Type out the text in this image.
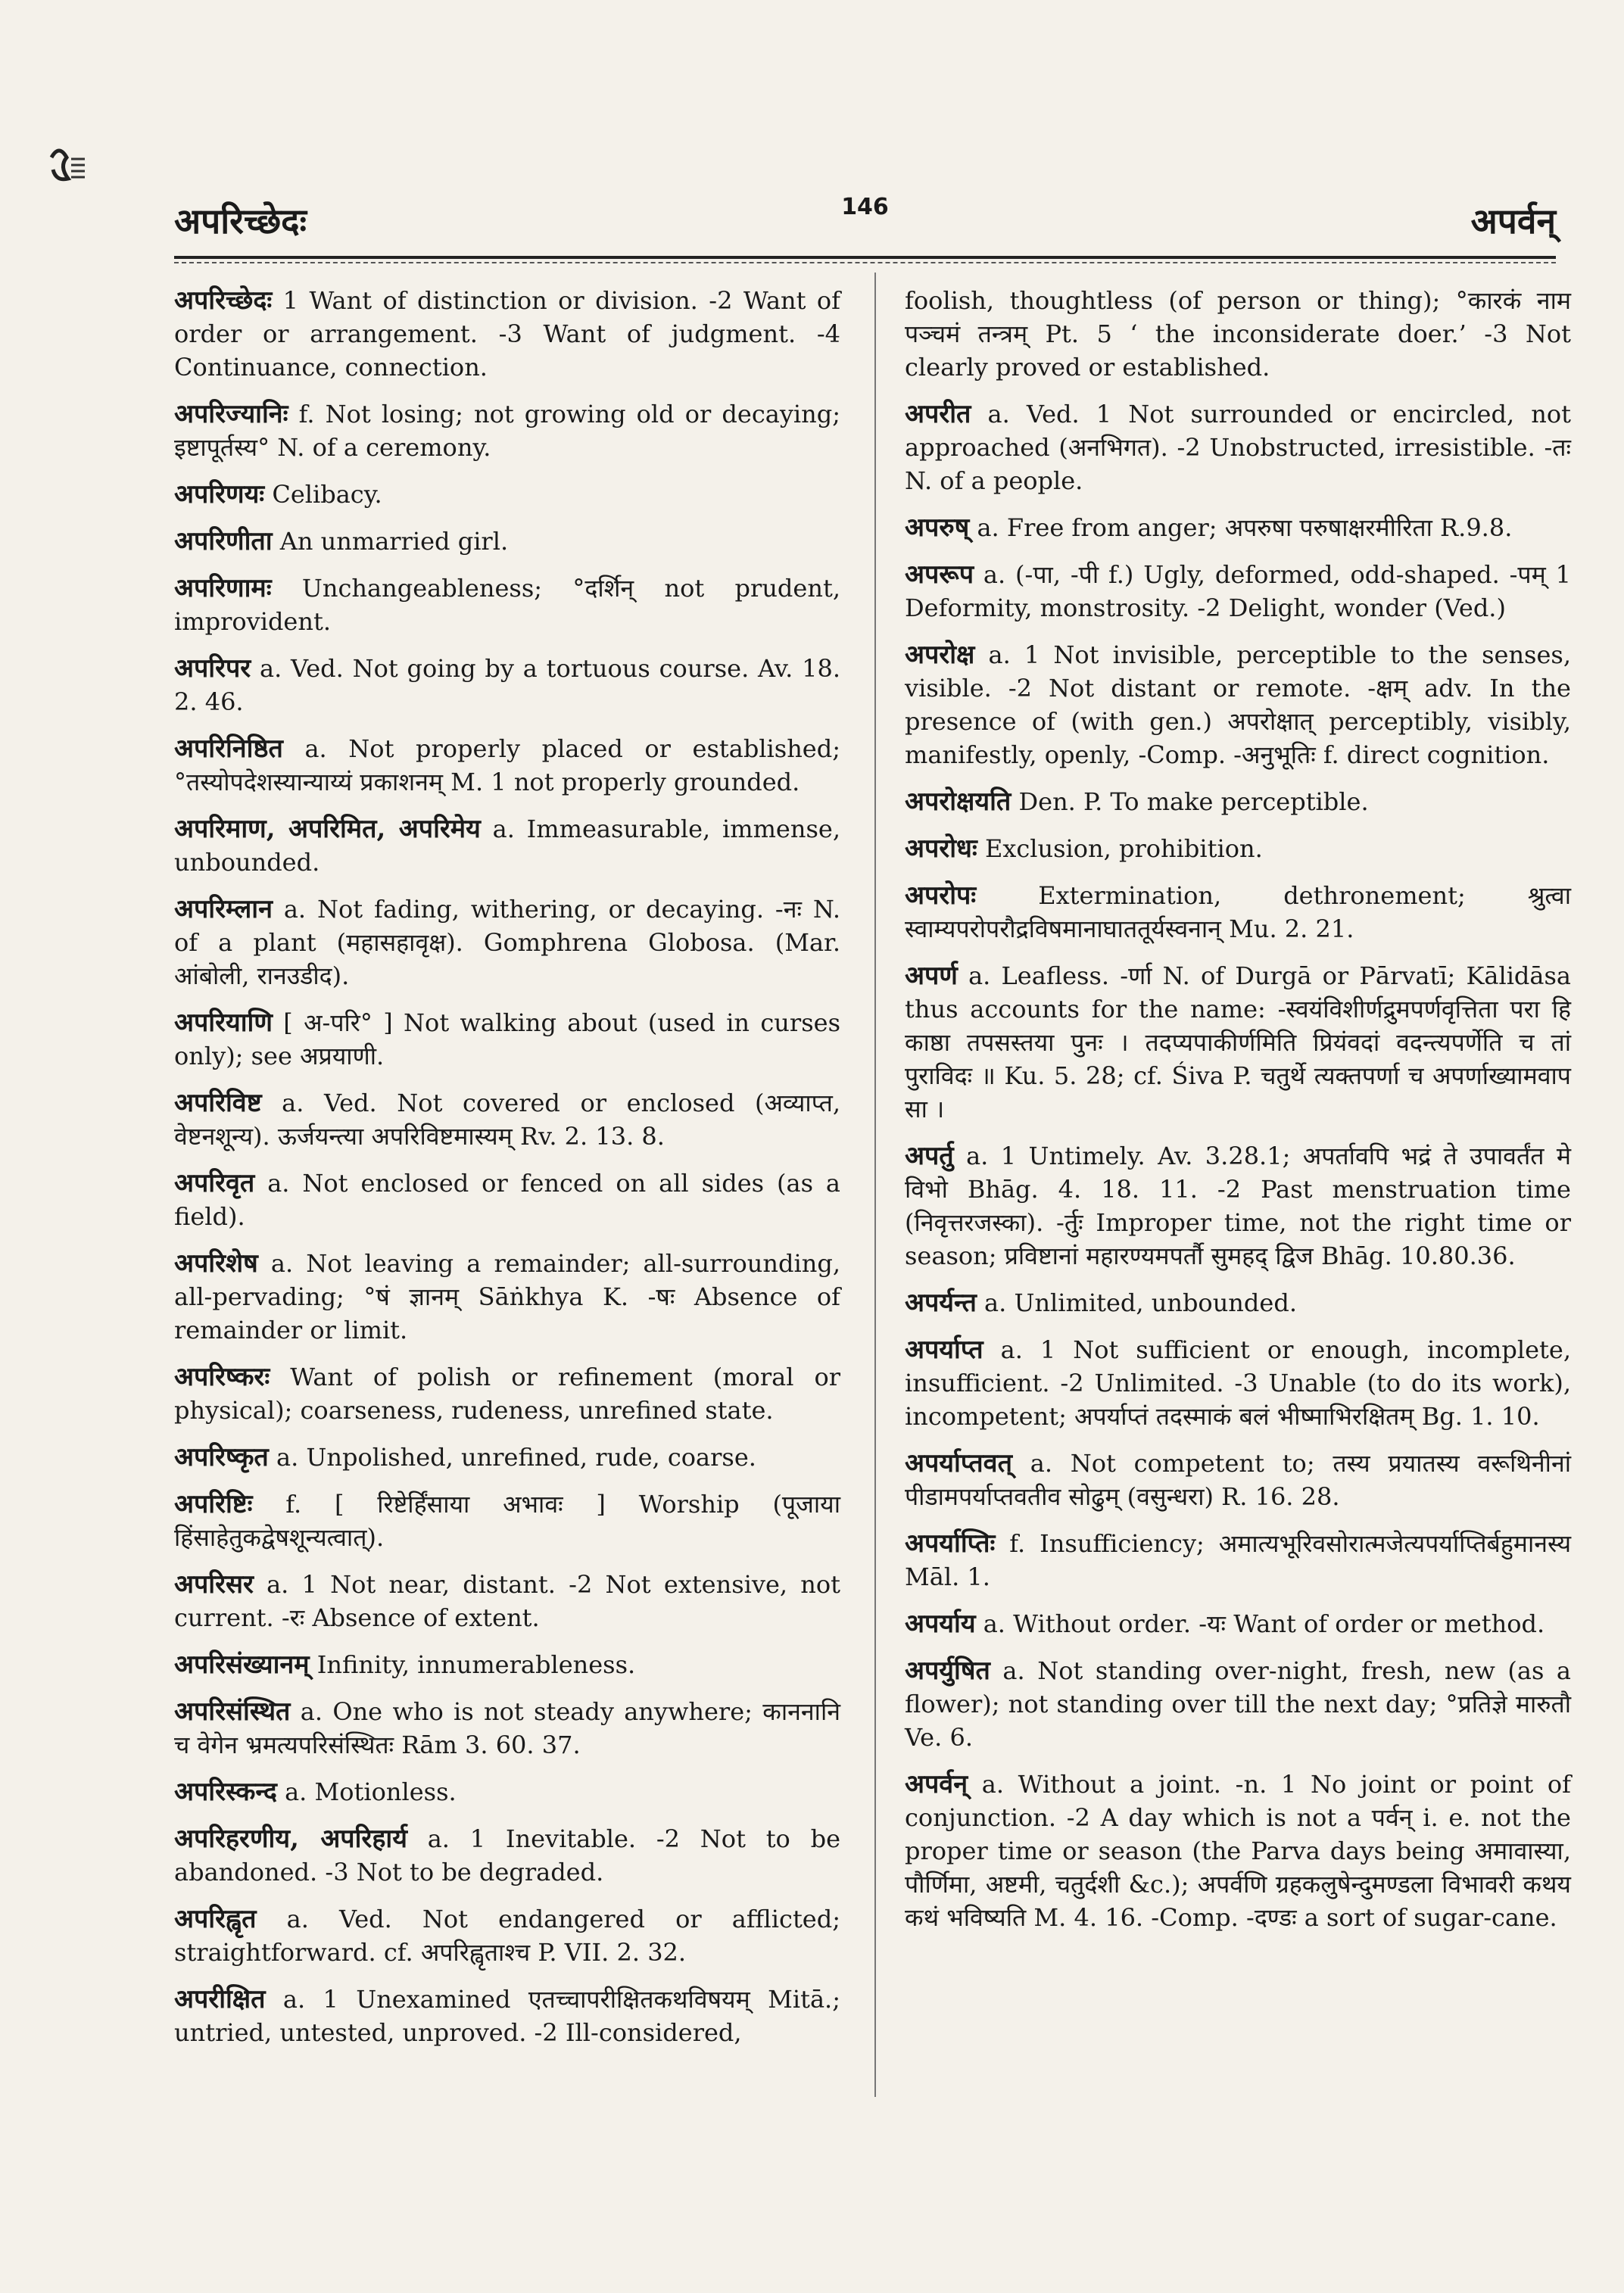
अपरिच्छेदः	146	अपर्वन्

अपरिच्छेदः 1 Want of distinction or division. -2 Want of order or arrangement. -3 Want of judgment. -4 Continuance, connection.

अपरिज्यानिः f. Not losing; not growing old or decaying; इष्टापूर्तस्य° N. of a ceremony.

अपरिणयः Celibacy.

अपरिणीता An unmarried girl.

अपरिणामः Unchangeableness; °दर्शिन् not prudent, improvident.

अपरिपर a. Ved. Not going by a tortuous course. Av. 18. 2. 46.

अपरिनिष्ठित a. Not properly placed or established; °तस्योपदेशस्यान्याय्यं प्रकाशनम् M. 1 not properly grounded.

अपरिमाण, अपरिमित, अपरिमेय a. Immeasurable, immense, unbounded.

अपरिम्लान a. Not fading, withering, or decaying. -नः N. of a plant (महासहावृक्ष). Gomphrena Globosa. (Mar. आंबोली, रानउडीद).

अपरियाणि [ अ-परि° ] Not walking about (used in curses only); see अप्रयाणी.

अपरिविष्ट a. Ved. Not covered or enclosed (अव्याप्त, वेष्टनशून्य). ऊर्जयन्त्या अपरिविष्टमास्यम् Rv. 2. 13. 8.

अपरिवृत a. Not enclosed or fenced on all sides (as a field).

अपरिशेष a. Not leaving a remainder; all-surrounding, all-pervading; °षं ज्ञानम् Sāṅkhya K. -षः Absence of remainder or limit.

अपरिष्करः Want of polish or refinement (moral or physical); coarseness, rudeness, unrefined state.

अपरिष्कृत a. Unpolished, unrefined, rude, coarse.

अपरिष्टिः f. [ रिष्टेर्हिंसाया अभावः ] Worship (पूजाया हिंसाहेतुकद्वेषशून्यत्वात्).

अपरिसर a. 1 Not near, distant. -2 Not extensive, not current. -रः Absence of extent.

अपरिसंख्यानम् Infinity, innumerableness.

अपरिसंस्थित a. One who is not steady anywhere; काननानि च वेगेन भ्रमत्यपरिसंस्थितः Rām 3. 60. 37.

अपरिस्कन्द a. Motionless.

अपरिहरणीय, अपरिहार्य a. 1 Inevitable. -2 Not to be abandoned. -3 Not to be degraded.

अपरिह्वृत a. Ved. Not endangered or afflicted; straightforward. cf. अपरिह्वृताश्च P. VII. 2. 32.

अपरीक्षित a. 1 Unexamined एतच्चापरीक्षितकथविषयम् Mitā.; untried, untested, unproved. -2 Ill-considered,

foolish, thoughtless (of person or thing); °कारकं नाम पञ्चमं तन्त्रम् Pt. 5 ‘ the inconsiderate doer.’ -3 Not clearly proved or established.

अपरीत a. Ved. 1 Not surrounded or encircled, not approached (अनभिगत). -2 Unobstructed, irresistible. -तः N. of a people.

अपरुष् a. Free from anger; अपरुषा परुषाक्षरमीरिता R.9.8.

अपरूप a. (-पा, -पी f.) Ugly, deformed, odd-shaped. -पम् 1 Deformity, monstrosity. -2 Delight, wonder (Ved.)

अपरोक्ष a. 1 Not invisible, perceptible to the senses, visible. -2 Not distant or remote. -क्षम् adv. In the presence of (with gen.) अपरोक्षात् perceptibly, visibly, manifestly, openly, -Comp. -अनुभूतिः f. direct cognition.

अपरोक्षयति Den. P. To make perceptible.

अपरोधः Exclusion, prohibition.

अपरोपः Extermination, dethronement; श्रुत्वा स्वाम्यपरोपरौद्रविषमानाघाततूर्यस्वनान् Mu. 2. 21.

अपर्ण a. Leafless. -र्णा N. of Durgā or Pārvatī; Kālidāsa thus accounts for the name: -स्वयंविशीर्णद्रुमपर्णवृत्तिता परा हि काष्ठा तपसस्तया पुनः । तदप्यपाकीर्णमिति प्रियंवदां वदन्त्यपर्णेति च तां पुराविदः ॥ Ku. 5. 28; cf. Śiva P. चतुर्थे त्यक्तपर्णा च अपर्णाख्यामवाप सा ।

अपर्तु a. 1 Untimely. Av. 3.28.1; अपर्तावपि भद्रं ते उपावर्तंत मे विभो Bhāg. 4. 18. 11. -2 Past menstruation time (निवृत्तरजस्का). -र्तुः Improper time, not the right time or season; प्रविष्टानां महारण्यमपर्तौ सुमहद् द्विज Bhāg. 10.80.36.

अपर्यन्त a. Unlimited, unbounded.

अपर्याप्त a. 1 Not sufficient or enough, incomplete, insufficient. -2 Unlimited. -3 Unable (to do its work), incompetent; अपर्याप्तं तदस्माकं बलं भीष्माभिरक्षितम् Bg. 1. 10.

अपर्याप्तवत् a. Not competent to; तस्य प्रयातस्य वरूथिनीनां पीडामपर्याप्तवतीव सोढुम् (वसुन्धरा) R. 16. 28.

अपर्याप्तिः f. Insufficiency; अमात्यभूरिवसोरात्मजेत्यपर्याप्तिर्बहुमानस्य Māl. 1.

अपर्याय a. Without order. -यः Want of order or method.

अपर्युषित a. Not standing over-night, fresh, new (as a flower); not standing over till the next day; °प्रतिज्ञे मारुतौ Ve. 6.

अपर्वन् a. Without a joint. -n. 1 No joint or point of conjunction. -2 A day which is not a पर्वन् i. e. not the proper time or season (the Parva days being अमावास्या, पौर्णिमा, अष्टमी, चतुर्दशी &c.); अपर्वणि ग्रहकलुषेन्दुमण्डला विभावरी कथय कथं भविष्यति M. 4. 16. -Comp. -दण्डः a sort of sugar-cane.
